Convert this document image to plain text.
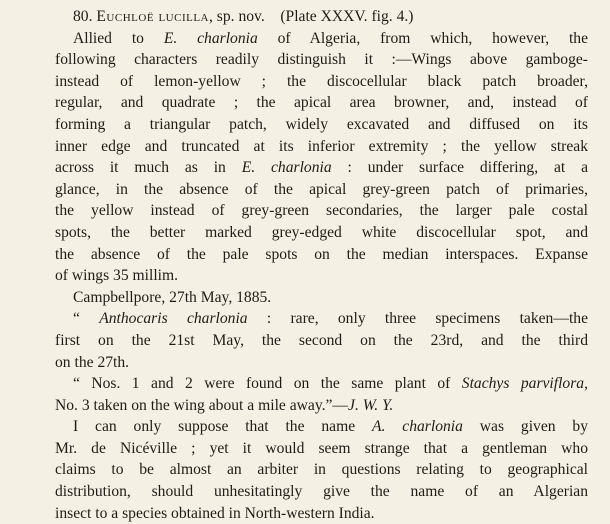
80. Euchloë lucilla, sp. nov. (Plate XXXV. fig. 4.)
Allied to E. charlonia of Algeria, from which, however, the
following characters readily distinguish it :—Wings above gamboge-
instead of lemon-yellow ; the discocellular black patch broader,
regular, and quadrate ; the apical area browner, and, instead of
forming a triangular patch, widely excavated and diffused on its
inner edge and truncated at its inferior extremity ; the yellow streak
across it much as in E. charlonia : under surface differing, at a
glance, in the absence of the apical grey-green patch of primaries,
the yellow instead of grey-green secondaries, the larger pale costal
spots, the better marked grey-edged white discocellular spot, and
the absence of the pale spots on the median interspaces. Expanse
of wings 35 millim.
Campbellpore, 27th May, 1885.
“ Anthocaris charlonia : rare, only three specimens taken—the
first on the 21st May, the second on the 23rd, and the third
on the 27th.
“ Nos. 1 and 2 were found on the same plant of Stachys parviflora,
No. 3 taken on the wing about a mile away.”—J. W. Y.
I can only suppose that the name A. charlonia was given by
Mr. de Nicéville ; yet it would seem strange that a gentleman who
claims to be almost an arbiter in questions relating to geographical
distribution, should unhesitatingly give the name of an Algerian
insect to a species obtained in North-western India.
